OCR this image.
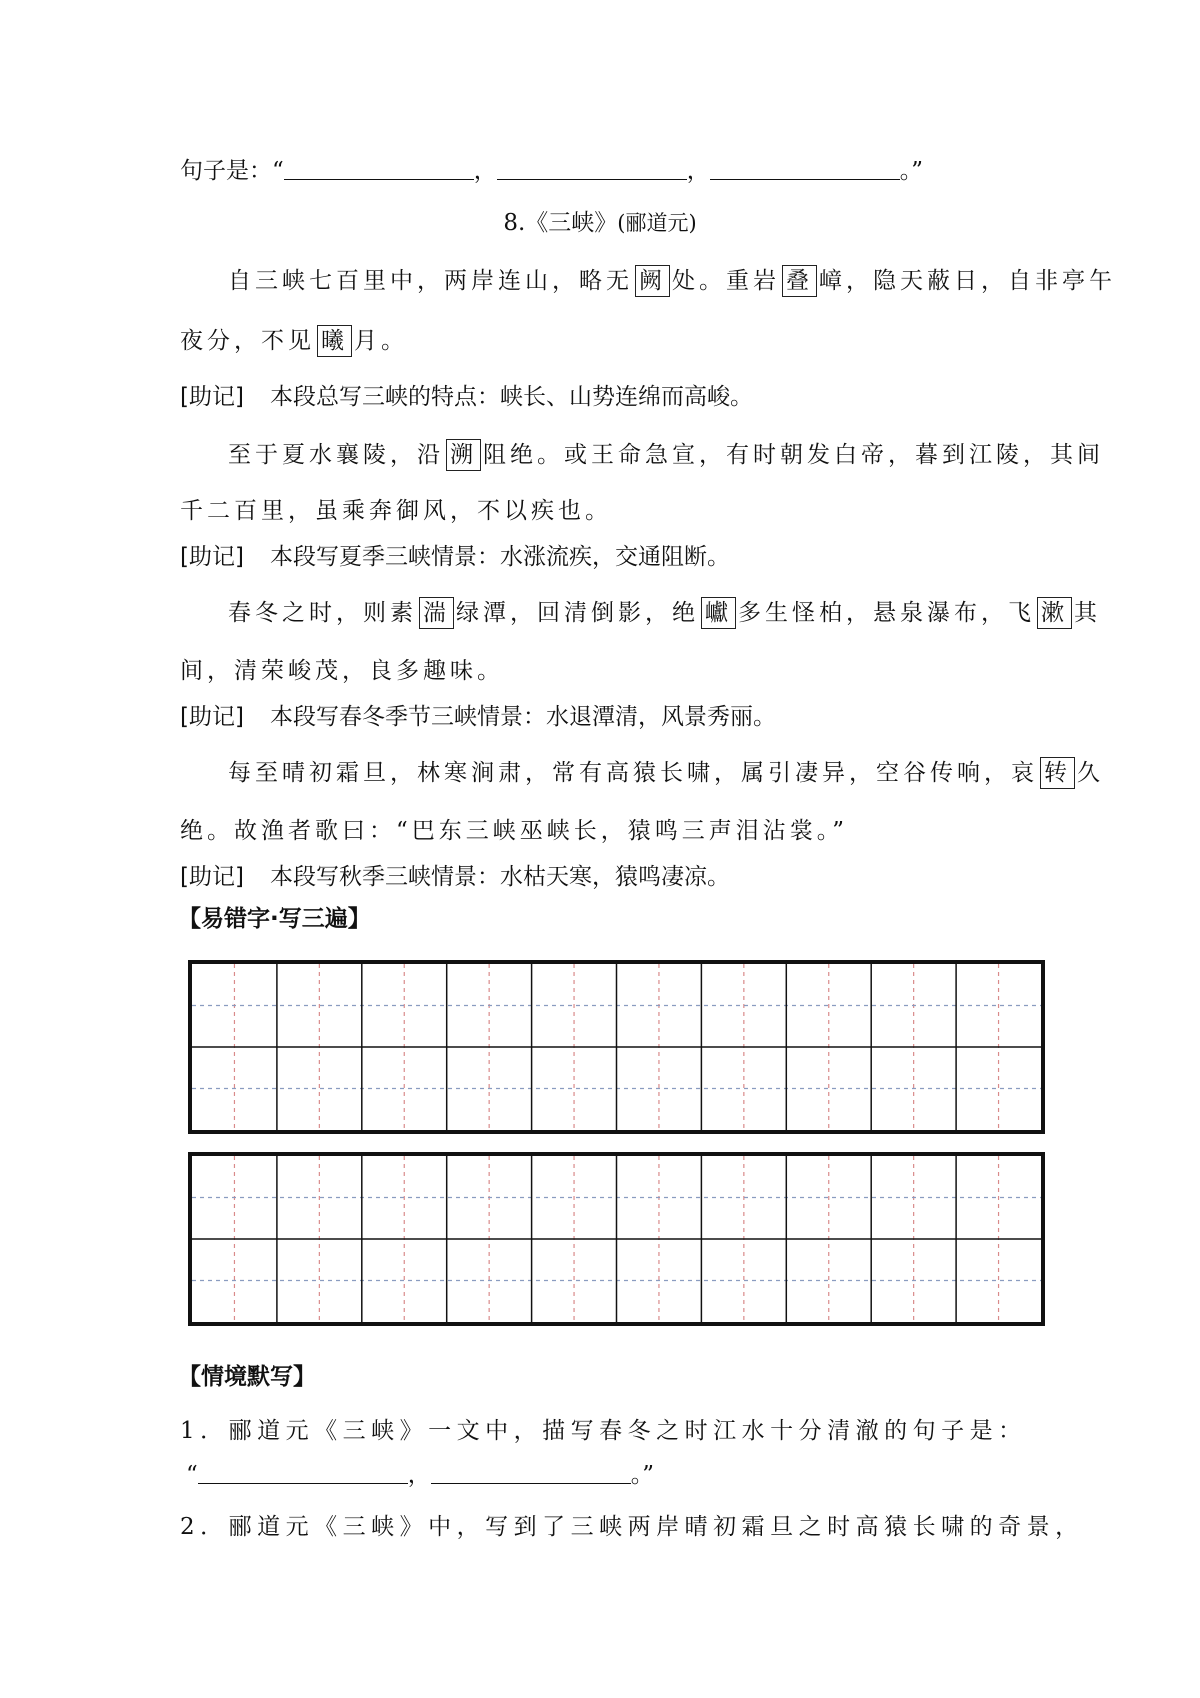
句子是：“	，	，	。”
8.《三峡》(郦道元)
自三峡七百里中，两岸连山，略无 阙 处。重岩 叠 嶂，隐天蔽日，自非亭午
夜分，不见 曦 月。
[助记] 本段总写三峡的特点：峡长、山势连绵而高峻。
至于夏水襄陵，沿 溯 阻绝。或王命急宣，有时朝发白帝，暮到江陵，其间
千二百里，虽乘奔御风，不以疾也。
[助记] 本段写夏季三峡情景：水涨流疾，交通阻断。
春冬之时，则素 湍 绿潭，回清倒影，绝 巘 多生怪柏，悬泉瀑布，飞 漱 其
间，清荣峻茂，良多趣味。
[助记] 本段写春冬季节三峡情景：水退潭清，风景秀丽。
每至晴初霜旦，林寒涧肃，常有高猿长啸，属引凄异，空谷传响，哀 转 久
绝。故渔者歌曰：“巴东三峡巫峡长，猿鸣三声泪沾裳。”
[助记] 本段写秋季三峡情景：水枯天寒，猿鸣凄凉。
【易错字·写三遍】
【情境默写】
1．郦道元《三峡》一文中，描写春冬之时江水十分清澈的句子是：
“	，	。”
2．郦道元《三峡》中，写到了三峡两岸晴初霜旦之时高猿长啸的奇景，
